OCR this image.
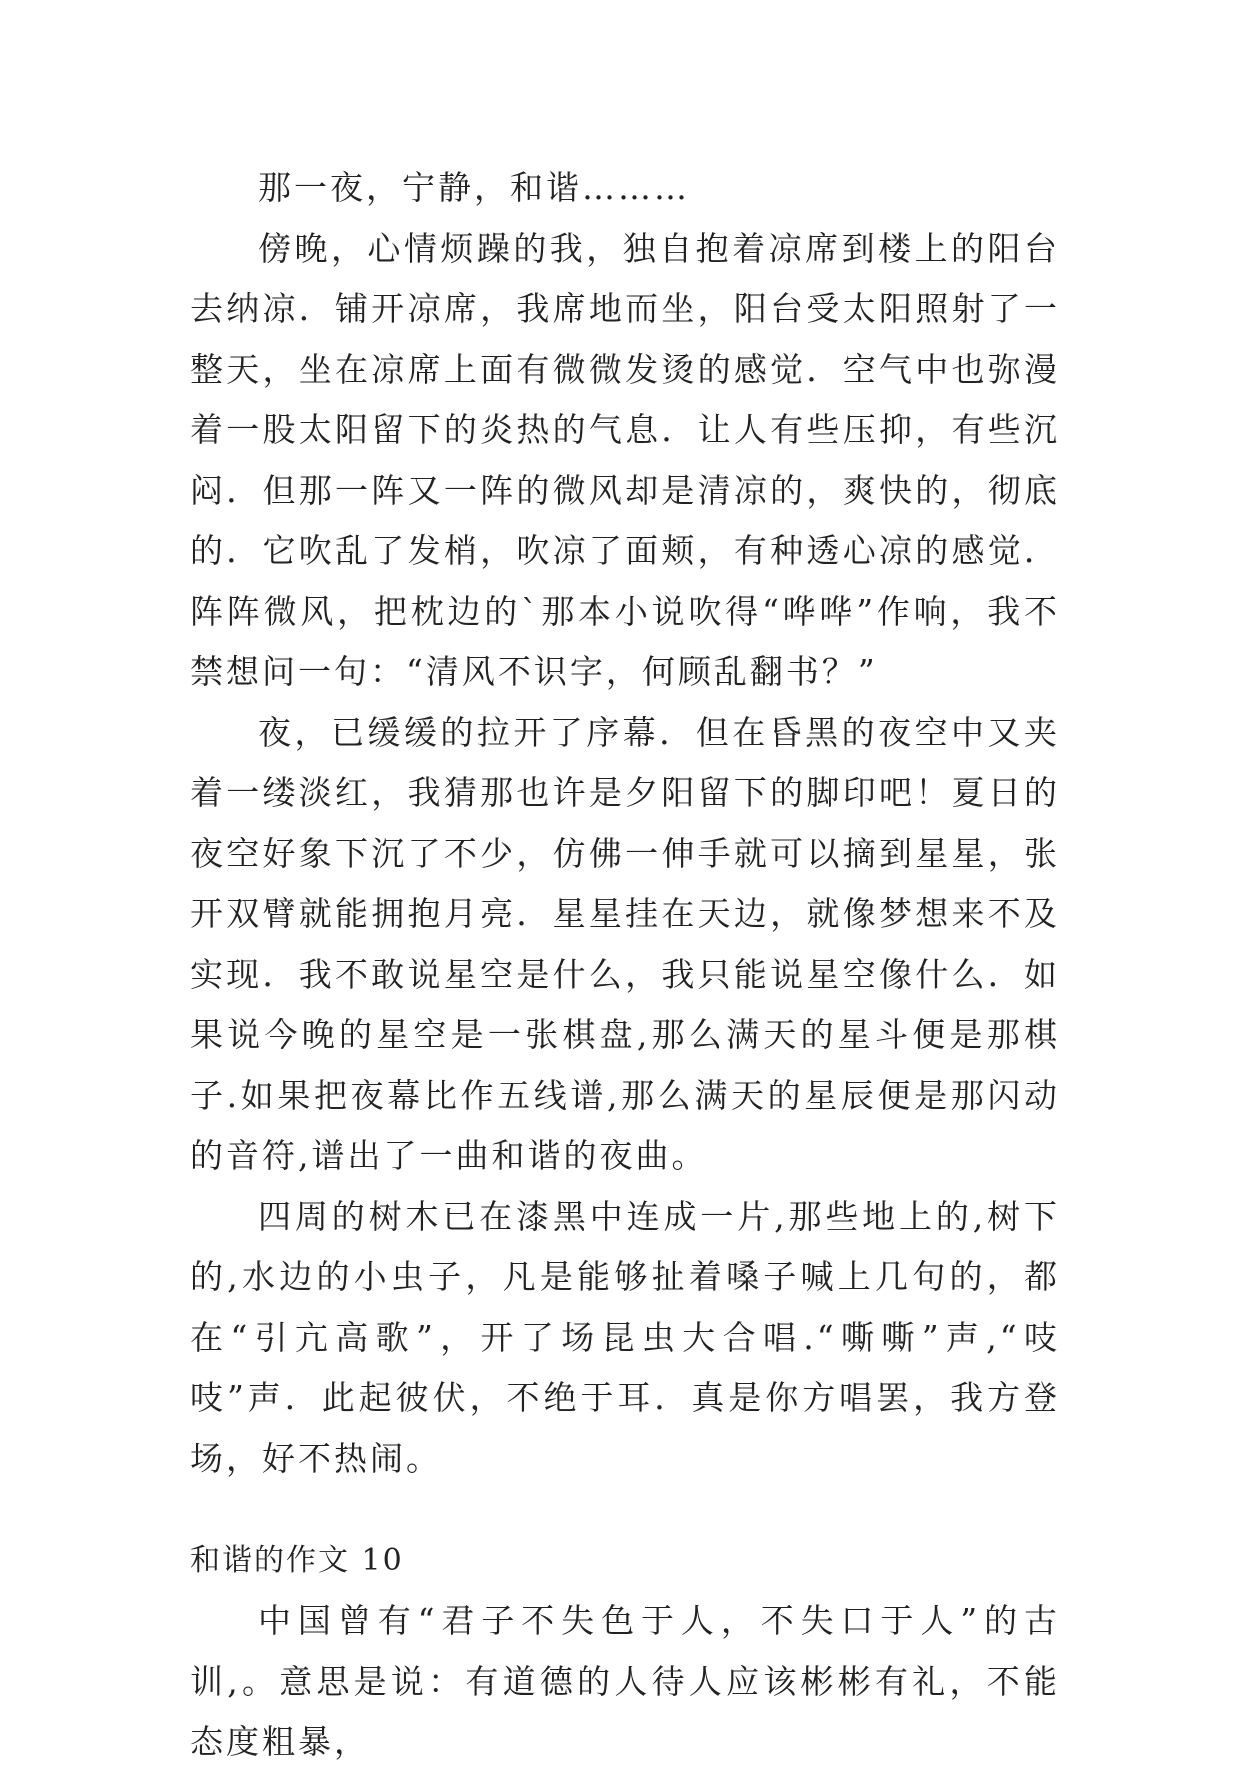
那一夜，宁静，和谐………

傍晚，心情烦躁的我，独自抱着凉席到楼上的阳台去纳凉．铺开凉席，我席地而坐，阳台受太阳照射了一整天，坐在凉席上面有微微发烫的感觉．空气中也弥漫着一股太阳留下的炎热的气息．让人有些压抑，有些沉闷．但那一阵又一阵的微风却是清凉的，爽快的，彻底的．它吹乱了发梢，吹凉了面颊，有种透心凉的感觉．阵阵微风，把枕边的`那本小说吹得“哗哗”作响，我不禁想问一句：“清风不识字，何顾乱翻书？”

夜，已缓缓的拉开了序幕．但在昏黑的夜空中又夹着一缕淡红，我猜那也许是夕阳留下的脚印吧！夏日的夜空好象下沉了不少，仿佛一伸手就可以摘到星星，张开双臂就能拥抱月亮．星星挂在天边，就像梦想来不及实现．我不敢说星空是什么，我只能说星空像什么．如果说今晚的星空是一张棋盘,那么满天的星斗便是那棋子.如果把夜幕比作五线谱,那么满天的星辰便是那闪动的音符,谱出了一曲和谐的夜曲。

四周的树木已在漆黑中连成一片,那些地上的,树下的,水边的小虫子，凡是能够扯着嗓子喊上几句的，都在“引亢高歌”，开了场昆虫大合唱.“嘶嘶”声,“吱吱”声．此起彼伏，不绝于耳．真是你方唱罢，我方登场，好不热闹。

和谐的作文 10

中国曾有“君子不失色于人，不失口于人”的古训,。意思是说：有道德的人待人应该彬彬有礼，不能态度粗暴，
